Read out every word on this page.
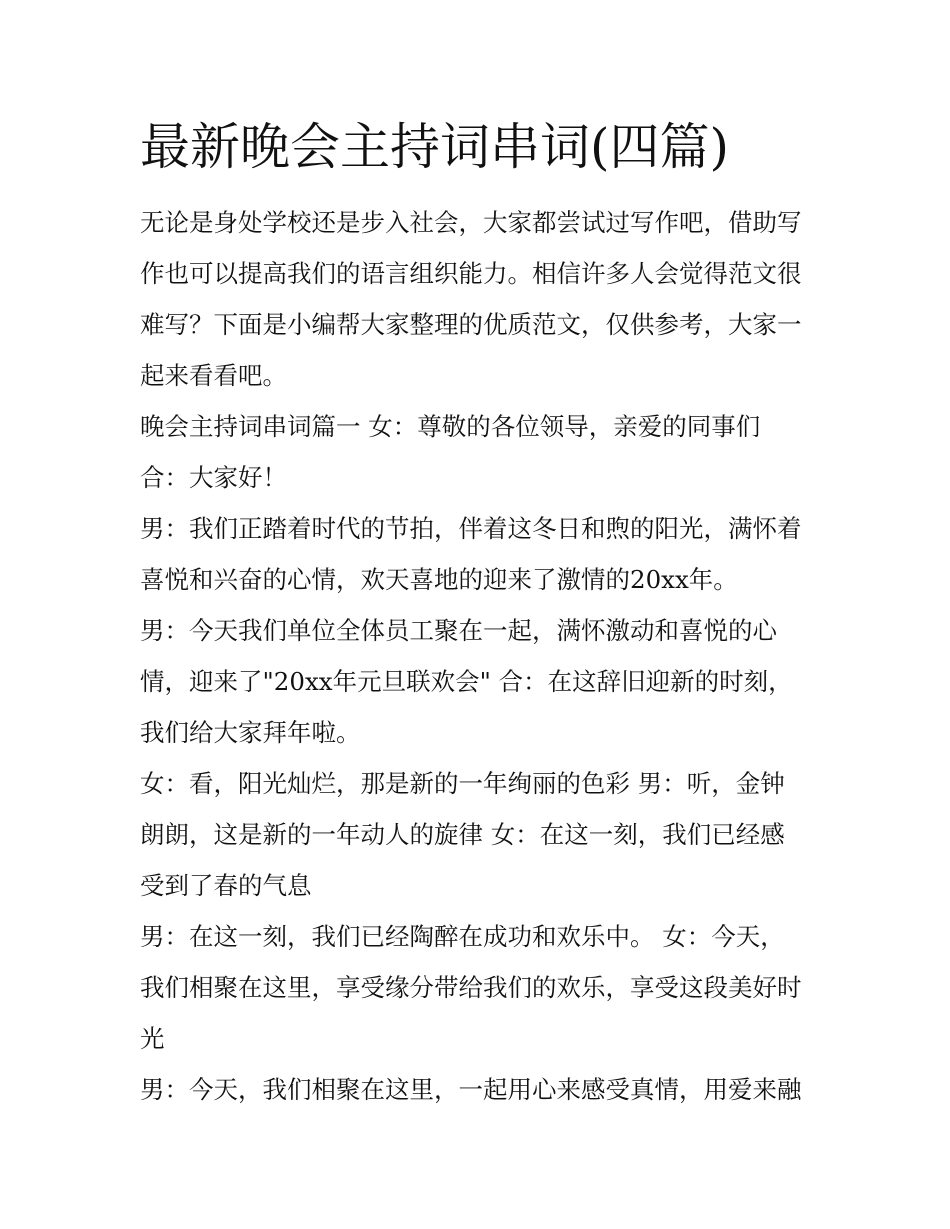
最新晚会主持词串词(四篇)

无论是身处学校还是步入社会，大家都尝试过写作吧，借助写
作也可以提高我们的语言组织能力。相信许多人会觉得范文很
难写？下面是小编帮大家整理的优质范文，仅供参考，大家一
起来看看吧。

晚会主持词串词篇一 女：尊敬的各位领导，亲爱的同事们

合：大家好！

男：我们正踏着时代的节拍，伴着这冬日和煦的阳光，满怀着
喜悦和兴奋的心情，欢天喜地的迎来了激情的20xx年。

男：今天我们单位全体员工聚在一起，满怀激动和喜悦的心
情，迎来了"20xx年元旦联欢会" 合：在这辞旧迎新的时刻，
我们给大家拜年啦。

女：看，阳光灿烂，那是新的一年绚丽的色彩 男：听，金钟
朗朗，这是新的一年动人的旋律 女：在这一刻，我们已经感
受到了春的气息

男：在这一刻，我们已经陶醉在成功和欢乐中。 女：今天，
我们相聚在这里，享受缘分带给我们的欢乐，享受这段美好时
光

男：今天，我们相聚在这里，一起用心来感受真情，用爱来融
